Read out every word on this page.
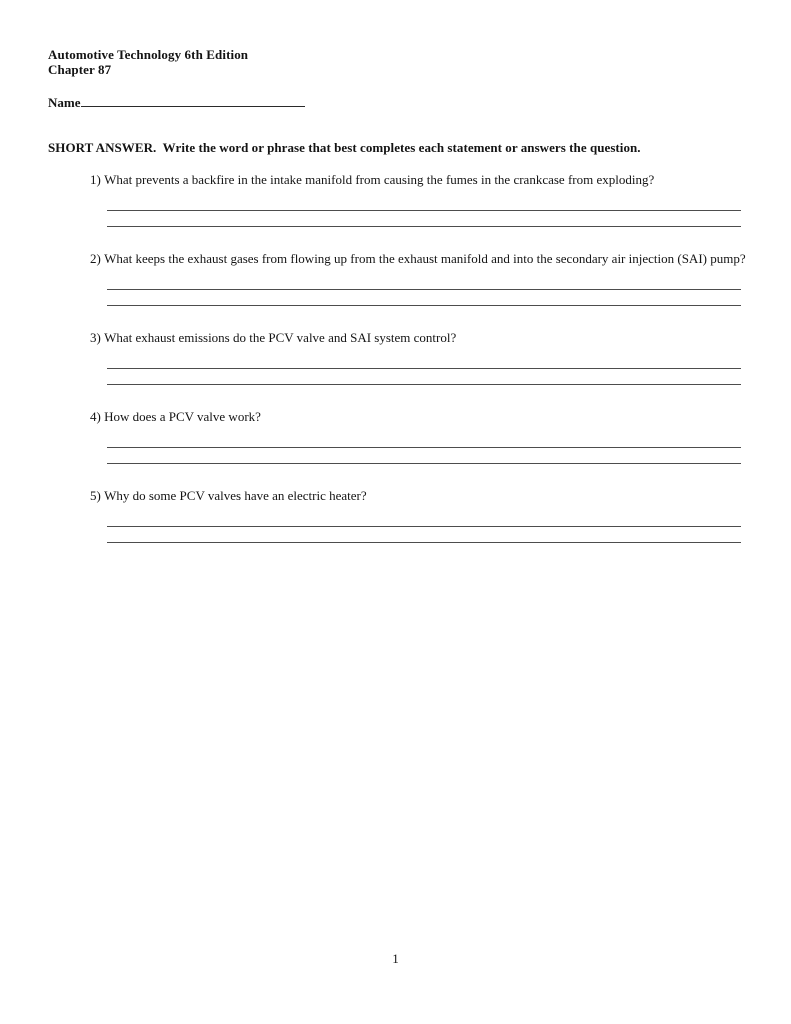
Automotive Technology 6th Edition
Chapter 87
Name
SHORT ANSWER.  Write the word or phrase that best completes each statement or answers the question.

1) What prevents a backfire in the intake manifold from causing the fumes in the crankcase from exploding?

2) What keeps the exhaust gases from flowing up from the exhaust manifold and into the secondary air injection (SAI) pump?

3) What exhaust emissions do the PCV valve and SAI system control?

4) How does a PCV valve work?

5) Why do some PCV valves have an electric heater?

1
